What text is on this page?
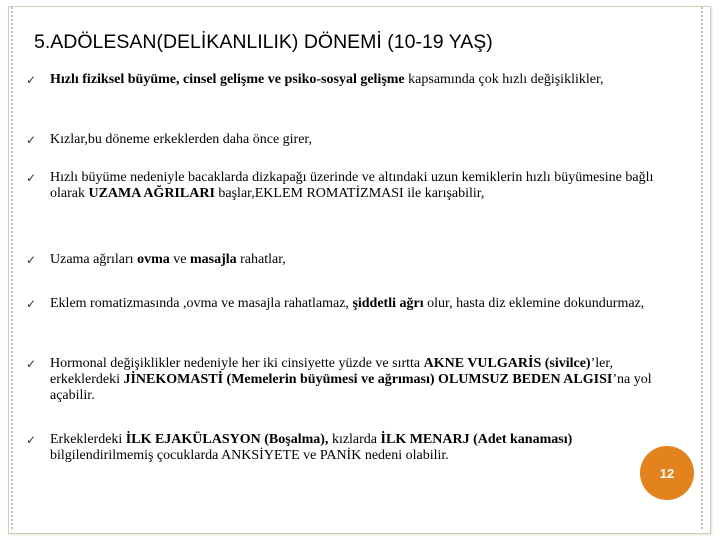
5.ADÖLESAN(DELİKANLILIK) DÖNEMİ (10-19 YAŞ)
✓ Hızlı fiziksel büyüme, cinsel gelişme ve psiko-sosyal gelişme kapsamında çok hızlı değişiklikler,
✓ Kızlar,bu döneme erkeklerden daha önce girer,
✓ Hızlı büyüme nedeniyle bacaklarda dizkapağı üzerinde ve altındaki uzun kemiklerin hızlı büyümesine bağlı olarak UZAMA AĞRILARI başlar,EKLEM ROMATİZMASI ile karışabilir,
✓ Uzama ağrıları ovma ve masajla rahatlar,
✓ Eklem romatizmasında ,ovma ve masajla rahatlamaz, şiddetli ağrı olur, hasta diz eklemine dokundurmaz,
✓ Hormonal değişiklikler nedeniyle her iki cinsiyette yüzde ve sırtta AKNE VULGARİS (sivilce)’ler, erkeklerdeki JİNEKOMASTİ (Memelerin büyümesi ve ağrıması) OLUMSUZ BEDEN ALGISI’na yol açabilir.
✓ Erkeklerdeki İLK EJAKÜLASYON (Boşalma), kızlarda İLK MENARJ (Adet kanaması) bilgilendirilmemiş çocuklarda ANKSİYETE ve PANİK nedeni olabilir.
12
